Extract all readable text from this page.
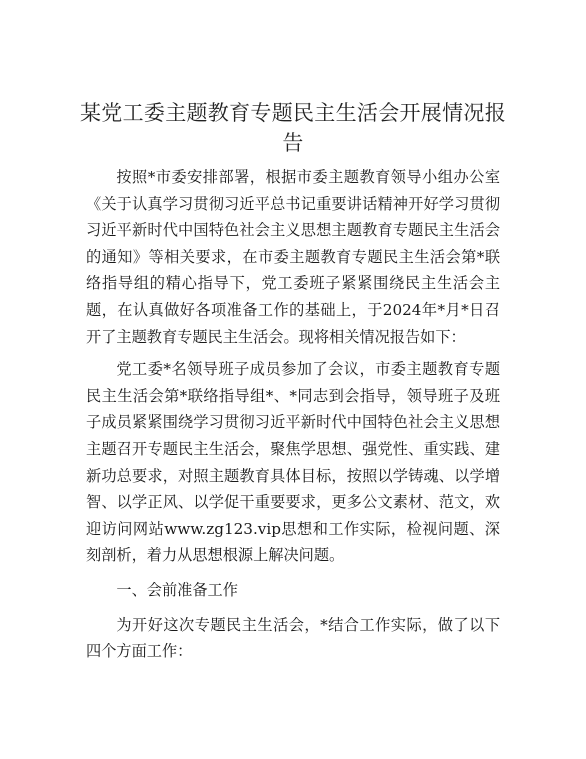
某党工委主题教育专题民主生活会开展情况报告

按照*市委安排部署，根据市委主题教育领导小组办公室《关于认真学习贯彻习近平总书记重要讲话精神开好学习贯彻习近平新时代中国特色社会主义思想主题教育专题民主生活会的通知》等相关要求，在市委主题教育专题民主生活会第*联络指导组的精心指导下，党工委班子紧紧围绕民主生活会主题，在认真做好各项准备工作的基础上，于2024年*月*日召开了主题教育专题民主生活会。现将相关情况报告如下：

党工委*名领导班子成员参加了会议，市委主题教育专题民主生活会第*联络指导组*、*同志到会指导，领导班子及班子成员紧紧围绕学习贯彻习近平新时代中国特色社会主义思想主题召开专题民主生活会，聚焦学思想、强党性、重实践、建新功总要求，对照主题教育具体目标，按照以学铸魂、以学增智、以学正风、以学促干重要要求，更多公文素材、范文，欢迎访问网站www.zg123.vip思想和工作实际，检视问题、深刻剖析，着力从思想根源上解决问题。

一、会前准备工作

为开好这次专题民主生活会，*结合工作实际，做了以下四个方面工作：
